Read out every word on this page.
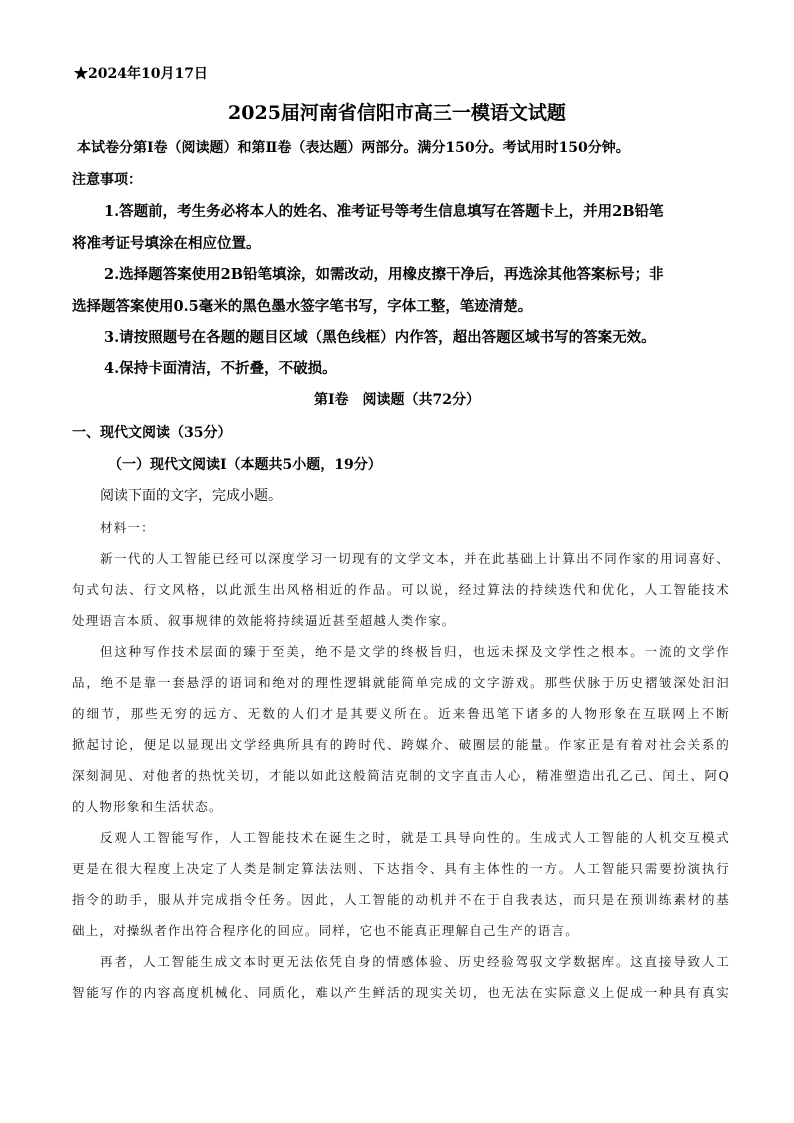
★2024年10月17日
2025届河南省信阳市高三一模语文试题
本试卷分第Ⅰ卷（阅读题）和第Ⅱ卷（表达题）两部分。满分150分。考试用时150分钟。
注意事项：
1.答题前，考生务必将本人的姓名、准考证号等考生信息填写在答题卡上，并用2B铅笔
将准考证号填涂在相应位置。
2.选择题答案使用2B铅笔填涂，如需改动，用橡皮擦干净后，再选涂其他答案标号；非
选择题答案使用0.5毫米的黑色墨水签字笔书写，字体工整，笔迹清楚。
3.请按照题号在各题的题目区域（黑色线框）内作答，超出答题区域书写的答案无效。
4.保持卡面清洁，不折叠，不破损。
第Ⅰ卷　阅读题（共72分）
一、现代文阅读（35分）
（一）现代文阅读Ⅰ（本题共5小题，19分）
阅读下面的文字，完成小题。
材料一：
新一代的人工智能已经可以深度学习一切现有的文学文本，并在此基础上计算出不同作家的用词喜好、
句式句法、行文风格，以此派生出风格相近的作品。可以说，经过算法的持续迭代和优化，人工智能技术
处理语言本质、叙事规律的效能将持续逼近甚至超越人类作家。
但这种写作技术层面的臻于至美，绝不是文学的终极旨归，也远未探及文学性之根本。一流的文学作
品，绝不是靠一套悬浮的语词和绝对的理性逻辑就能简单完成的文字游戏。那些伏脉于历史褶皱深处汩汩
的细节，那些无穷的远方、无数的人们才是其要义所在。近来鲁迅笔下诸多的人物形象在互联网上不断
掀起讨论，便足以显现出文学经典所具有的跨时代、跨媒介、破圈层的能量。作家正是有着对社会关系的
深刻洞见、对他者的热忱关切，才能以如此这般简洁克制的文字直击人心，精准塑造出孔乙己、闰土、阿Q
的人物形象和生活状态。
反观人工智能写作，人工智能技术在诞生之时，就是工具导向性的。生成式人工智能的人机交互模式
更是在很大程度上决定了人类是制定算法法则、下达指令、具有主体性的一方。人工智能只需要扮演执行
指令的助手，服从并完成指令任务。因此，人工智能的动机并不在于自我表达，而只是在预训练素材的基
础上，对操纵者作出符合程序化的回应。同样，它也不能真正理解自己生产的语言。
再者，人工智能生成文本时更无法依凭自身的情感体验、历史经验驾驭文学数据库。这直接导致人工
智能写作的内容高度机械化、同质化，难以产生鲜活的现实关切，也无法在实际意义上促成一种具有真实
